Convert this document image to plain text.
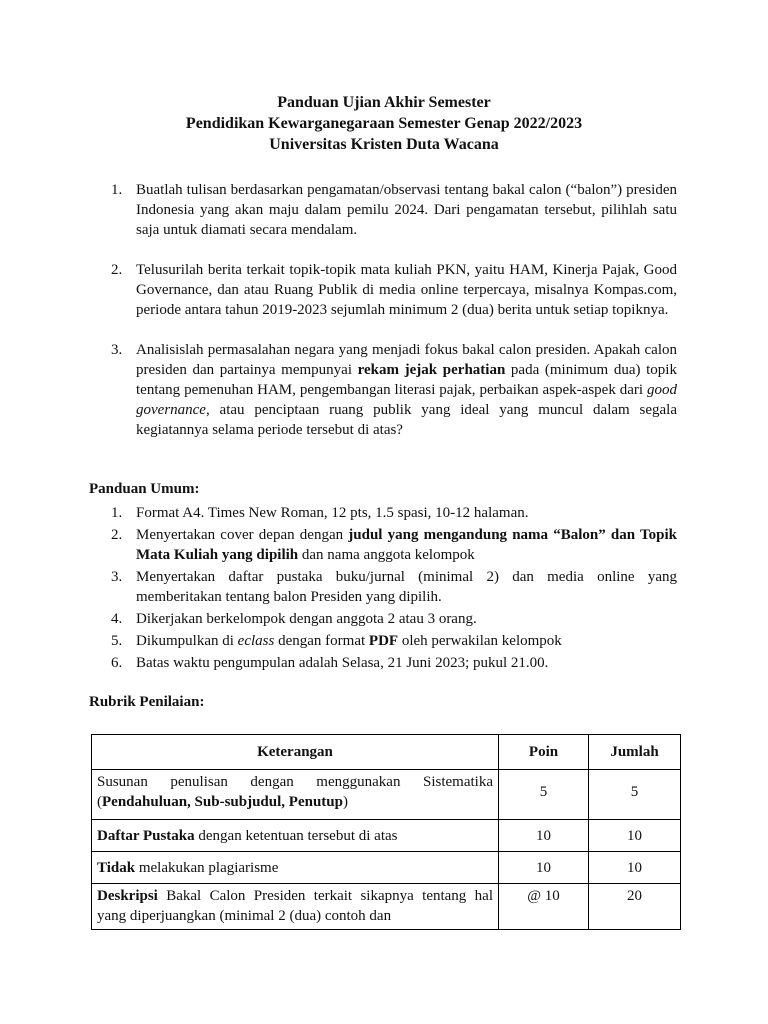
Panduan Ujian Akhir Semester
Pendidikan Kewarganegaraan Semester Genap 2022/2023
Universitas Kristen Duta Wacana
1. Buatlah tulisan berdasarkan pengamatan/observasi tentang bakal calon (“balon”) presiden Indonesia yang akan maju dalam pemilu 2024. Dari pengamatan tersebut, pilihlah satu saja untuk diamati secara mendalam.
2. Telusurilah berita terkait topik-topik mata kuliah PKN, yaitu HAM, Kinerja Pajak, Good Governance, dan atau Ruang Publik di media online terpercaya, misalnya Kompas.com, periode antara tahun 2019-2023 sejumlah minimum 2 (dua) berita untuk setiap topiknya.
3. Analisislah permasalahan negara yang menjadi fokus bakal calon presiden. Apakah calon presiden dan partainya mempunyai rekam jejak perhatian pada (minimum dua) topik tentang pemenuhan HAM, pengembangan literasi pajak, perbaikan aspek-aspek dari good governance, atau penciptaan ruang publik yang ideal yang muncul dalam segala kegiatannya selama periode tersebut di atas?
Panduan Umum:
1. Format A4. Times New Roman, 12 pts, 1.5 spasi, 10-12 halaman.
2. Menyertakan cover depan dengan judul yang mengandung nama “Balon” dan Topik Mata Kuliah yang dipilih dan nama anggota kelompok
3. Menyertakan daftar pustaka buku/jurnal (minimal 2) dan media online yang memberitakan tentang balon Presiden yang dipilih.
4. Dikerjakan berkelompok dengan anggota 2 atau 3 orang.
5. Dikumpulkan di eclass dengan format PDF oleh perwakilan kelompok
6. Batas waktu pengumpulan adalah Selasa, 21 Juni 2023; pukul 21.00.
Rubrik Penilaian:
Keterangan	Poin	Jumlah
Susunan penulisan dengan menggunakan Sistematika (Pendahuluan, Sub-subjudul, Penutup)	5	5
Daftar Pustaka dengan ketentuan tersebut di atas	10	10
Tidak melakukan plagiarisme	10	10
Deskripsi Bakal Calon Presiden terkait sikapnya tentang hal yang diperjuangkan (minimal 2 (dua) contoh dan	@ 10	20
